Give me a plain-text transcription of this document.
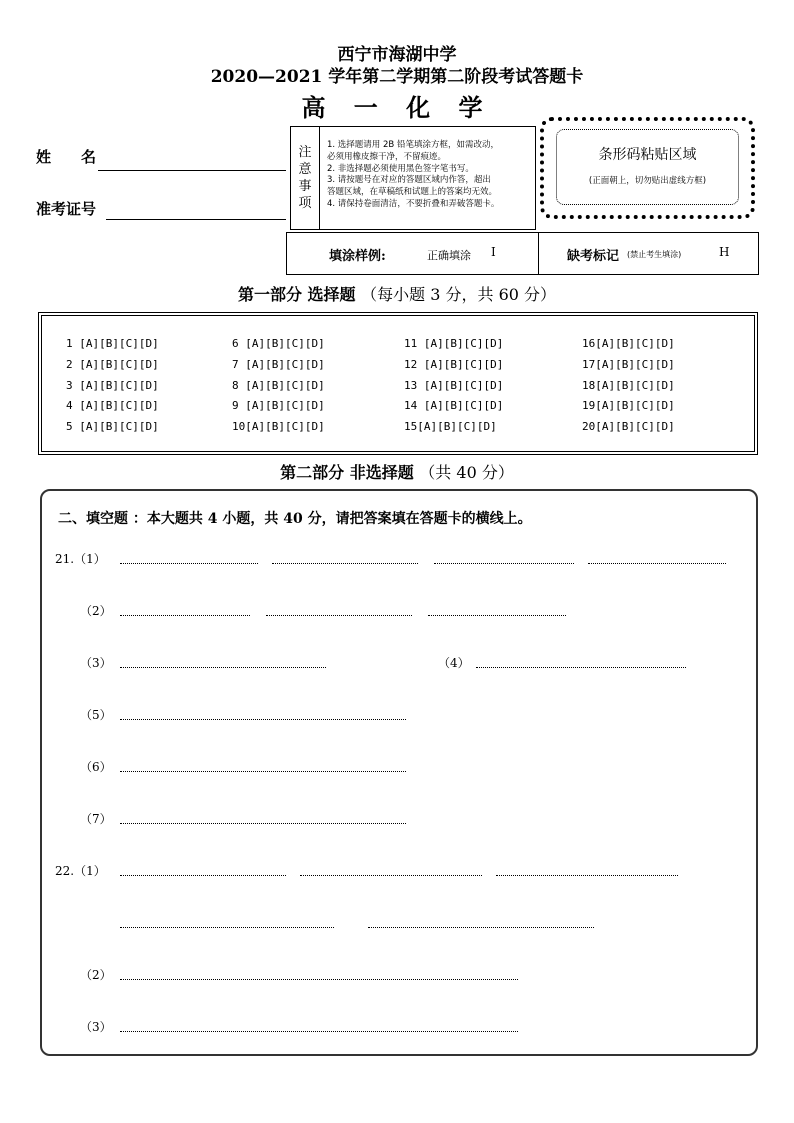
西宁市海湖中学
2020—2021 学年第二学期第二阶段考试答题卡
高 一 化 学
姓　　名
准考证号
注
意
事
项
1. 选择题请用 2B 铅笔填涂方框，如需改动，
必须用橡皮擦干净，不留痕迹。
2. 非选择题必须使用黑色签字笔书写。
3. 请按题号在对应的答题区域内作答，超出
答题区域，在草稿纸和试题上的答案均无效。
4. 请保持卷面清洁，不要折叠和弄破答题卡。
条形码粘贴区域
(正面朝上，切勿贴出虚线方框)
填涂样例:	正确填涂 I	缺考标记 (禁止考生填涂)	H
第一部分 选择题 （每小题 3 分，共 60 分）
1 [A][B][C][D]
2 [A][B][C][D]
3 [A][B][C][D]
4 [A][B][C][D]
5 [A][B][C][D]
6 [A][B][C][D]
7 [A][B][C][D]
8 [A][B][C][D]
9 [A][B][C][D]
10[A][B][C][D]
11 [A][B][C][D]
12 [A][B][C][D]
13 [A][B][C][D]
14 [A][B][C][D]
15[A][B][C][D]
16[A][B][C][D]
17[A][B][C][D]
18[A][B][C][D]
19[A][B][C][D]
20[A][B][C][D]
第二部分 非选择题 （共 40 分）
二、填空题 ：本大题共 4 小题，共 40 分，请把答案填在答题卡的横线上。
21.（1）
（2）
（3）	（4）
（5）
（6）
（7）
22.（1）
（2）
（3）
